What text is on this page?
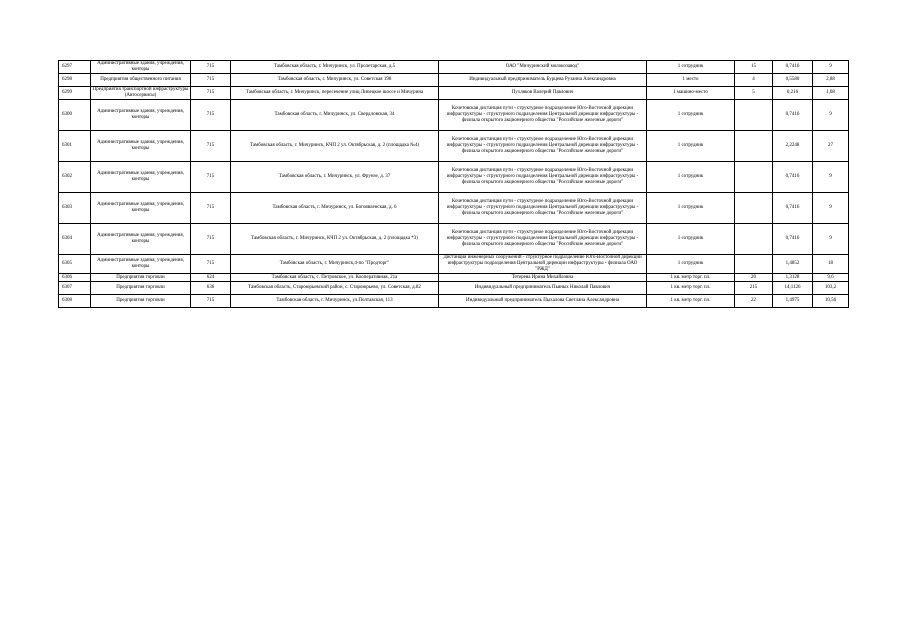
6297	Административные здания, учреждения, конторы	715	Тамбовская область, г. Мичуринск, ул. Пролетарская, д.5	ОАО "Мичуринский молокозавод"	1 сотрудник	15	0,7416	9
6298	Предприятия общественного питания	715	Тамбовская область, г. Мичуринск, ул. Советская 198	Индивидуальный предприниматель Бурцева Рузанна Александровна	1 место	4	0,5580	2,88
6299	Предприятия транспортной инфраструктуры (Автосервисы)	715	Тамбовская область, г. Мичуринск, пересечение улиц Липецкое шоссе и Мичурина	Пухляков Валерий Павлович	1 машино-место	5	0,216	1,08
6300	Административные здания, учреждения, конторы	715	Тамбовская область, г. Мичуринск, ул. Свердловская, 34	Кочетовская дистанция пути - структурное подразделение Юго-Восточной дирекции инфраструктуры - структурного подразделения Центральной дирекции инфраструктуры - филиала открытого акционерного общества "Российские железные дороги"	1 сотрудник		0,7416	9
6301	Административные здания, учреждения, конторы	715	Тамбовская область, г. Мичуринск, КЧП 2 ул. Октябрьская, д. 2 (площадка №4)	Кочетовская дистанция пути - структурное подразделение Юго-Восточной дирекции инфраструктуры - структурного подразделения Центральной дирекции инфраструктуры - филиала открытого акционерного общества "Российские железные дороги"	1 сотрудник		2,2248	27
6302	Административные здания, учреждения, конторы	715	Тамбовская область, г. Мичуринск, ул. Фрунзе, д. 37	Кочетовская дистанция пути - структурное подразделение Юго-Восточной дирекции инфраструктуры - структурного подразделения Центральной дирекции инфраструктуры - филиала открытого акционерного общества "Российские железные дороги"	1 сотрудник		0,7416	9
6303	Административные здания, учреждения, конторы	715	Тамбовская область, г. Мичуринск, ул. Богоявленская, д. 6	Кочетовская дистанция пути - структурное подразделение Юго-Восточной дирекции инфраструктуры - структурного подразделения Центральной дирекции инфраструктуры - филиала открытого акционерного общества "Российские железные дороги"	1 сотрудник		0,7416	9
6304	Административные здания, учреждения, конторы	715	Тамбовская область, г. Мичуринск, КЧП 2 ул. Октябрьская, д. 2 (площадка *3)	Кочетовская дистанция пути - структурное подразделение Юго-Восточной дирекции инфраструктуры - структурного подразделения Центральной дирекции инфраструктуры - филиала открытого акционерного общества "Российские железные дороги"	1 сотрудник		0,7416	9
6305	Административные здания, учреждения, конторы	715	Тамбовская область, г. Мичуринск,4-по "Продторг"	Дистанция инженерных сооружений - структурное подразделение Юго-Восточной дирекции инфраструктуры подразделения Центральной дирекции инфраструктуры - филиала ОАО "РЖД"	1 сотрудник		1,4852	18
6306	Предприятия торговли	624	Тамбовская область, с. Петровское, ул. Кооперативная, 21а	Тетерева Ирина Михайловна	1 кв. метр торг. пл.	20	1,3128	9,6
6307	Предприятия торговли	636	Тамбовская область, Староюрьевский район, с. Староюрьево, ул. Советская, д.82	Индивидуальный предприниматель Пьяных Николай Павлович	1 кв. метр торг. пл.	215	14,1126	103,2
6308	Предприятия торговли	715	Тамбовская область, г. Мичуринск, ул.Полтавская, 113	Индивидуальный предприниматель Пыхалова Светлана Александровна	1 кв. метр торг. пл.	22	1,4975	10,56
